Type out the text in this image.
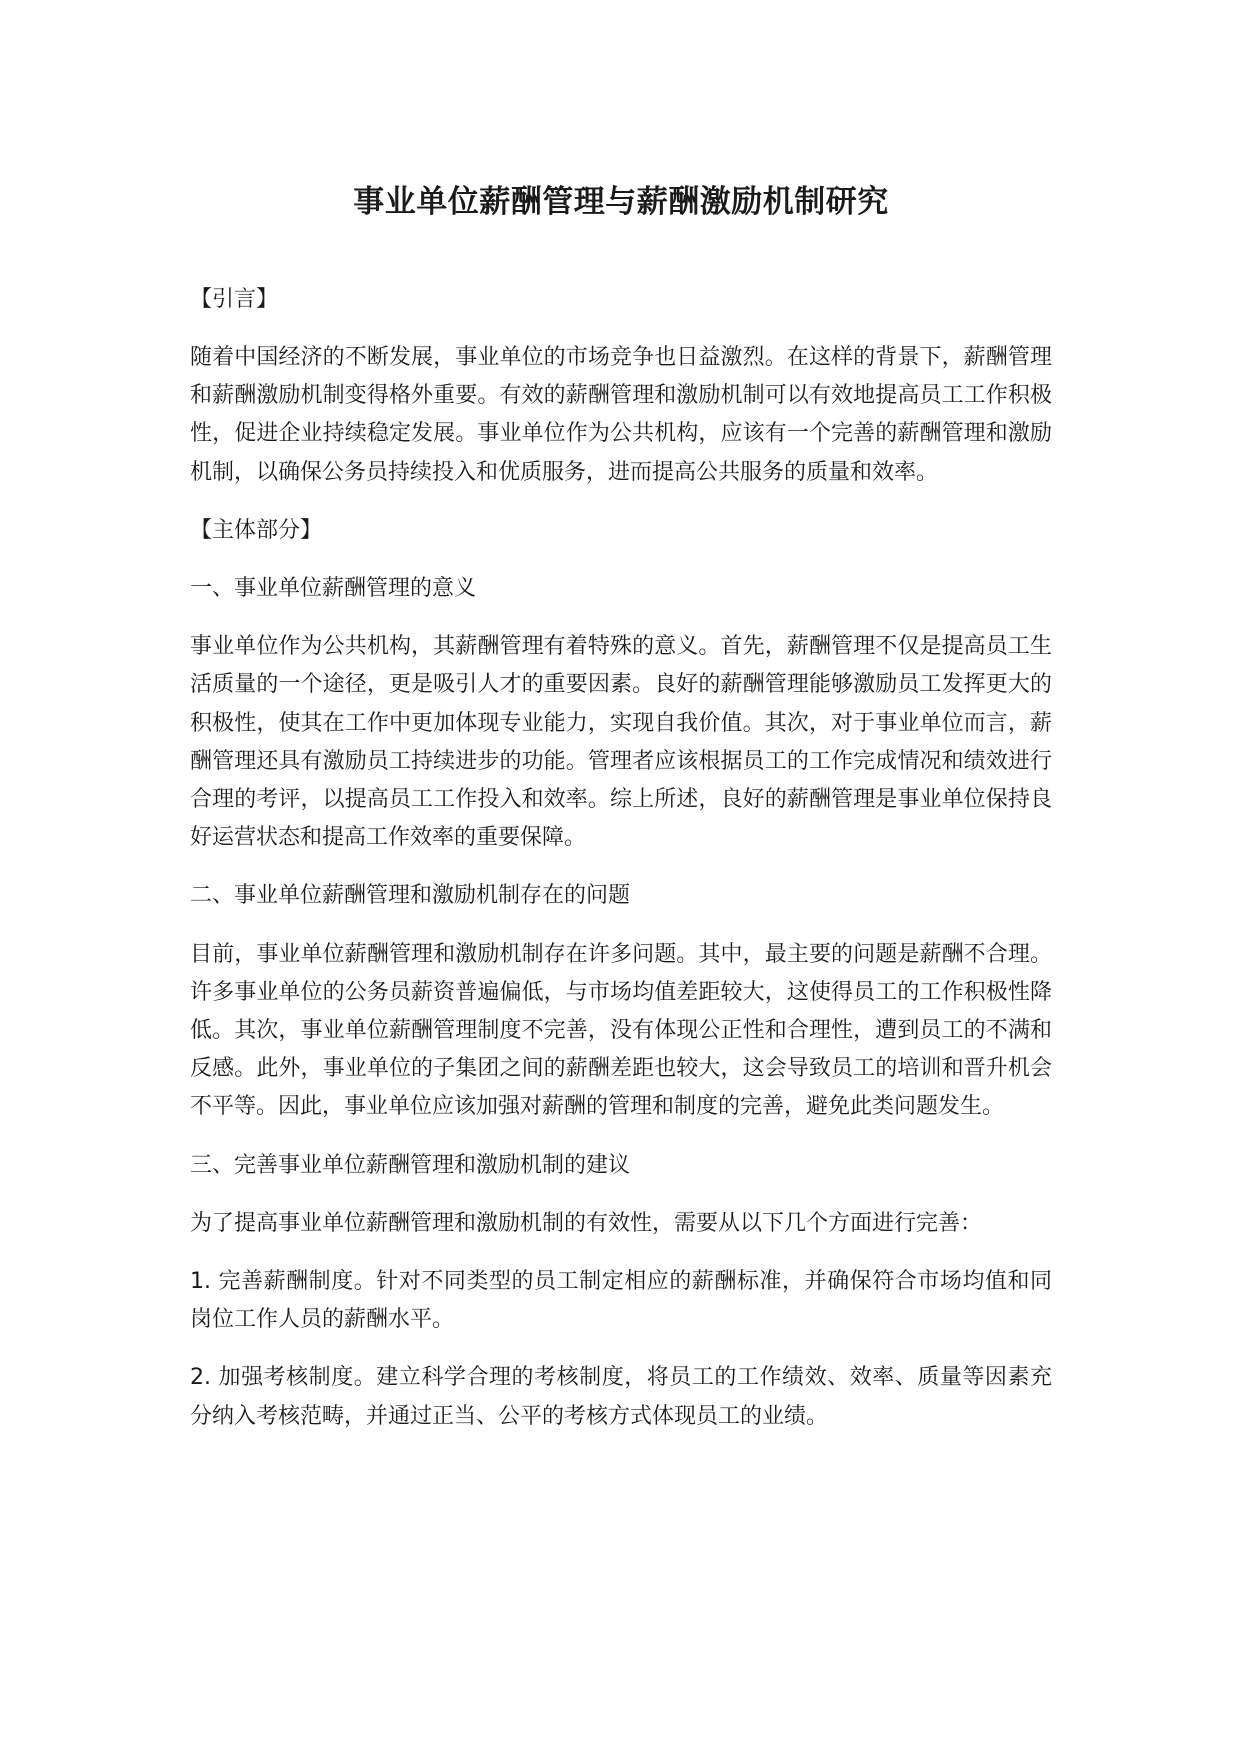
事业单位薪酬管理与薪酬激励机制研究

【引言】

随着中国经济的不断发展，事业单位的市场竞争也日益激烈。在这样的背景下，薪酬管理和薪酬激励机制变得格外重要。有效的薪酬管理和激励机制可以有效地提高员工工作积极性，促进企业持续稳定发展。事业单位作为公共机构，应该有一个完善的薪酬管理和激励机制，以确保公务员持续投入和优质服务，进而提高公共服务的质量和效率。

【主体部分】

一、事业单位薪酬管理的意义

事业单位作为公共机构，其薪酬管理有着特殊的意义。首先，薪酬管理不仅是提高员工生活质量的一个途径，更是吸引人才的重要因素。良好的薪酬管理能够激励员工发挥更大的积极性，使其在工作中更加体现专业能力，实现自我价值。其次，对于事业单位而言，薪酬管理还具有激励员工持续进步的功能。管理者应该根据员工的工作完成情况和绩效进行合理的考评，以提高员工工作投入和效率。综上所述，良好的薪酬管理是事业单位保持良好运营状态和提高工作效率的重要保障。

二、事业单位薪酬管理和激励机制存在的问题

目前，事业单位薪酬管理和激励机制存在许多问题。其中，最主要的问题是薪酬不合理。许多事业单位的公务员薪资普遍偏低，与市场均值差距较大，这使得员工的工作积极性降低。其次，事业单位薪酬管理制度不完善，没有体现公正性和合理性，遭到员工的不满和反感。此外，事业单位的子集团之间的薪酬差距也较大，这会导致员工的培训和晋升机会不平等。因此，事业单位应该加强对薪酬的管理和制度的完善，避免此类问题发生。

三、完善事业单位薪酬管理和激励机制的建议

为了提高事业单位薪酬管理和激励机制的有效性，需要从以下几个方面进行完善：

1. 完善薪酬制度。针对不同类型的员工制定相应的薪酬标准，并确保符合市场均值和同岗位工作人员的薪酬水平。

2. 加强考核制度。建立科学合理的考核制度，将员工的工作绩效、效率、质量等因素充分纳入考核范畴，并通过正当、公平的考核方式体现员工的业绩。
